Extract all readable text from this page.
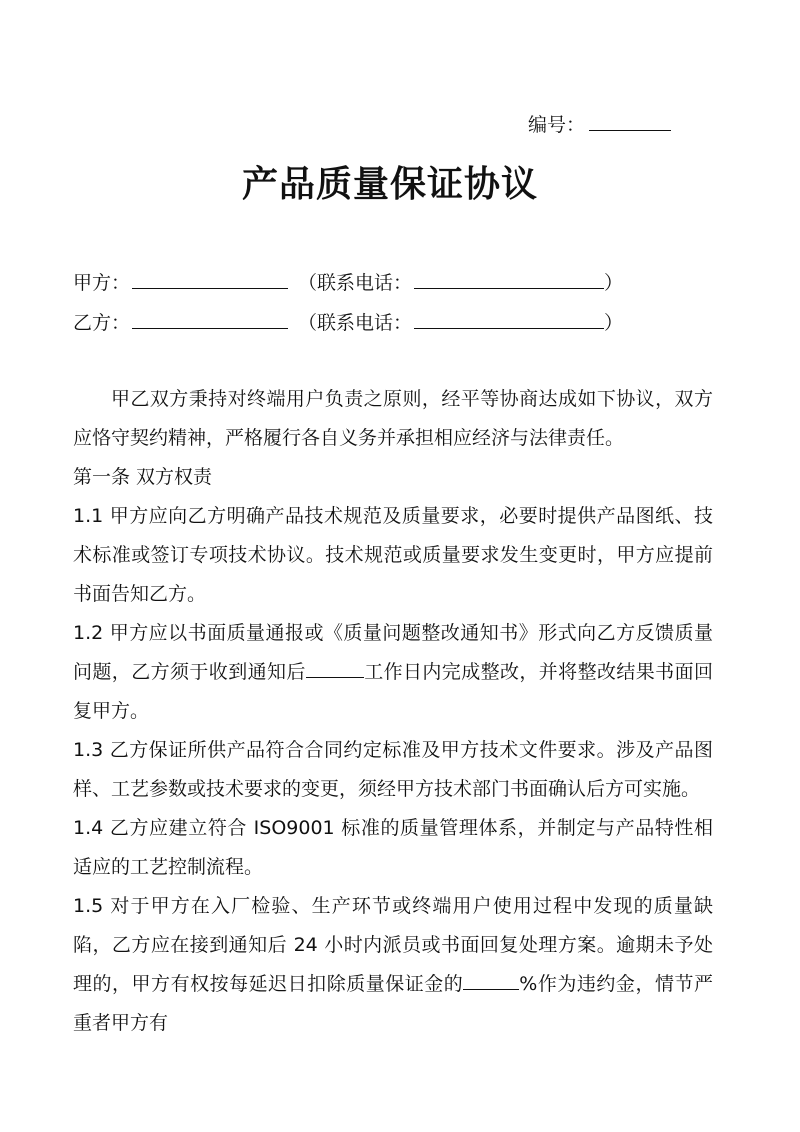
编号：
产品质量保证协议
甲方：	（联系电话：	）
乙方：	（联系电话：	）

甲乙双方秉持对终端用户负责之原则，经平等协商达成如下协议，双方应恪守契约精神，严格履行各自义务并承担相应经济与法律责任。

第一条 双方权责

1.1 甲方应向乙方明确产品技术规范及质量要求，必要时提供产品图纸、技术标准或签订专项技术协议。技术规范或质量要求发生变更时，甲方应提前书面告知乙方。

1.2 甲方应以书面质量通报或《质量问题整改通知书》形式向乙方反馈质量问题，乙方须于收到通知后	工作日内完成整改，并将整改结果书面回复甲方。

1.3 乙方保证所供产品符合合同约定标准及甲方技术文件要求。涉及产品图样、工艺参数或技术要求的变更，须经甲方技术部门书面确认后方可实施。

1.4 乙方应建立符合 ISO9001 标准的质量管理体系，并制定与产品特性相适应的工艺控制流程。

1.5 对于甲方在入厂检验、生产环节或终端用户使用过程中发现的质量缺陷，乙方应在接到通知后 24 小时内派员或书面回复处理方案。逾期未予处理的，甲方有权按每延迟日扣除质量保证金的	%作为违约金，情节严重者甲方有
